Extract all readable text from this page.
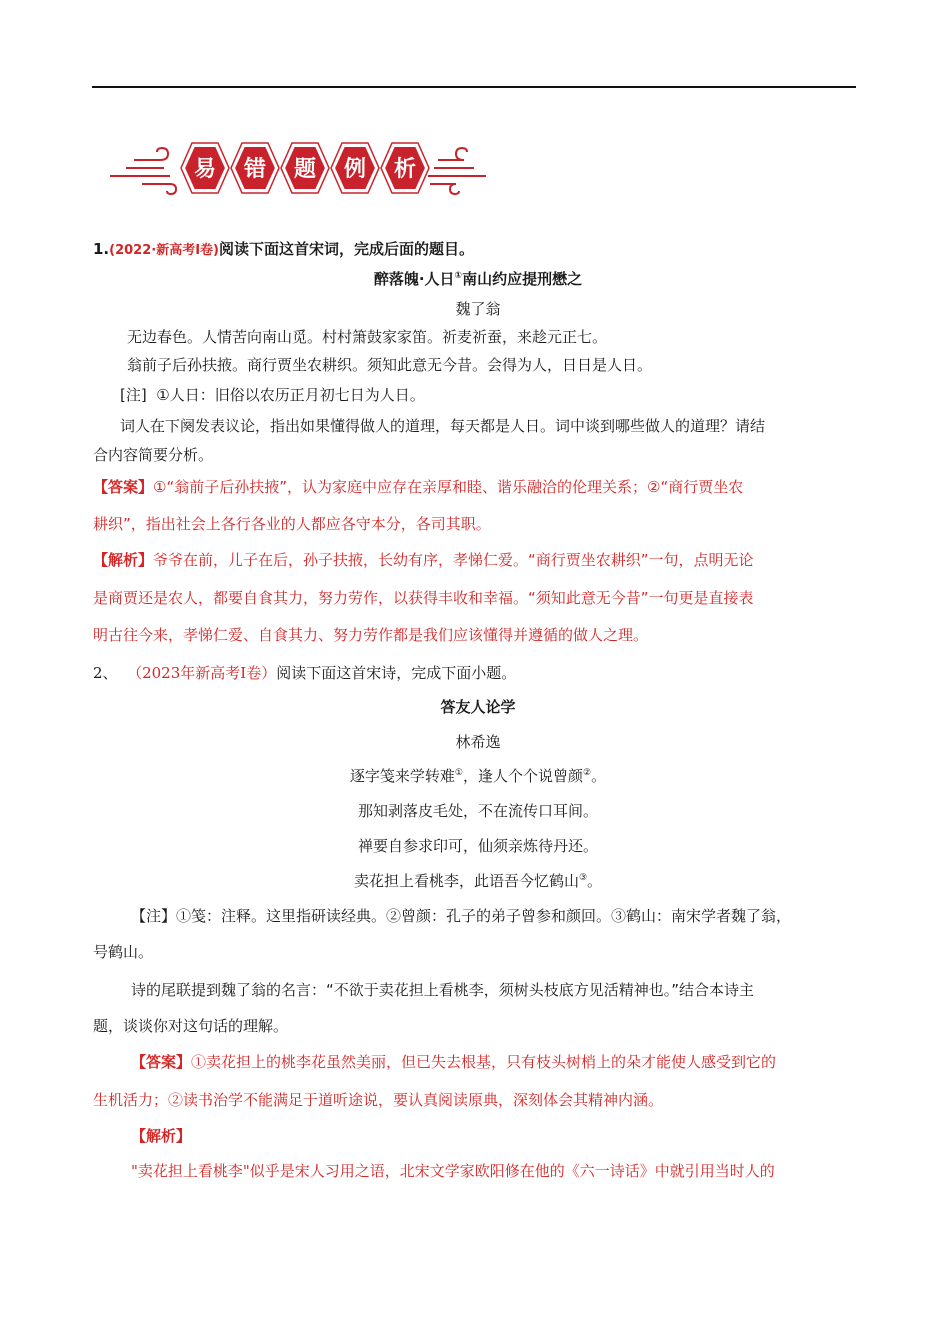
易	错	题	例	析
1.(2022·新高考Ⅰ卷)阅读下面这首宋词，完成后面的题目。
醉落魄·人日①南山约应提刑懋之
魏了翁
无边春色。人情苦向南山觅。村村箫鼓家家笛。祈麦祈蚕，来趁元正七。
翁前子后孙扶掖。商行贾坐农耕织。须知此意无今昔。会得为人，日日是人日。
[注] ①人日：旧俗以农历正月初七日为人日。
词人在下阕发表议论，指出如果懂得做人的道理，每天都是人日。词中谈到哪些做人的道理？请结
合内容简要分析。
【答案】①“翁前子后孙扶掖”，认为家庭中应存在亲厚和睦、谐乐融洽的伦理关系；②“商行贾坐农
耕织”，指出社会上各行各业的人都应各守本分，各司其职。
【解析】爷爷在前，儿子在后，孙子扶掖，长幼有序，孝悌仁爱。“商行贾坐农耕织”一句，点明无论
是商贾还是农人，都要自食其力，努力劳作，以获得丰收和幸福。“须知此意无今昔”一句更是直接表
明古往今来，孝悌仁爱、自食其力、努力劳作都是我们应该懂得并遵循的做人之理。
2、 （2023年新高考Ⅰ卷）阅读下面这首宋诗，完成下面小题。
答友人论学
林希逸
逐字笺来学转难①，逢人个个说曾颜②。
那知剥落皮毛处，不在流传口耳间。
禅要自参求印可，仙须亲炼待丹还。
卖花担上看桃李，此语吾今忆鹤山③。
【注】①笺：注释。这里指研读经典。②曾颜：孔子的弟子曾参和颜回。③鹤山：南宋学者魏了翁，
号鹤山。
诗的尾联提到魏了翁的名言：“不欲于卖花担上看桃李，须树头枝底方见活精神也。”结合本诗主
题，谈谈你对这句话的理解。
【答案】①卖花担上的桃李花虽然美丽，但已失去根基，只有枝头树梢上的朵才能使人感受到它的
生机活力；②读书治学不能满足于道听途说，要认真阅读原典，深刻体会其精神内涵。
【解析】
"卖花担上看桃李"似乎是宋人习用之语，北宋文学家欧阳修在他的《六一诗话》中就引用当时人的
